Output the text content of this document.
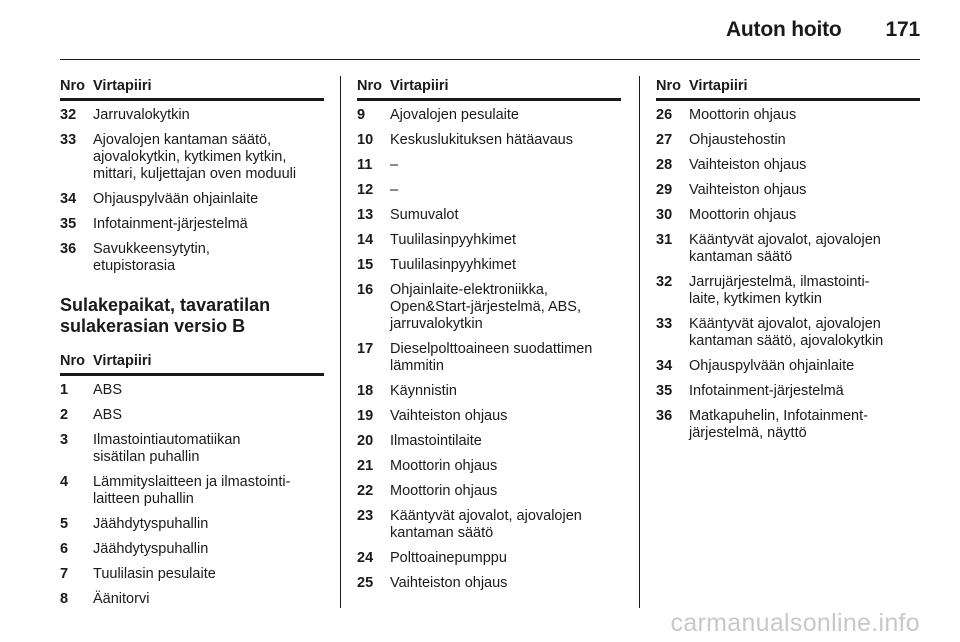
Auton hoito 171
Nro Virtapiiri
32	Jarruvalokytkin
33	Ajovalojen kantaman säätö,
ajovalokytkin, kytkimen kytkin,
mittari, kuljettajan oven moduuli
34	Ohjauspylvään ohjainlaite
35	Infotainment-järjestelmä
36	Savukkeensytytin,
etupistorasia
Sulakepaikat, tavaratilan
sulakerasian versio B
Nro Virtapiiri
1	ABS
2	ABS
3	Ilmastointiautomatiikan
sisätilan puhallin
4	Lämmityslaitteen ja ilmastointi-
laitteen puhallin
5	Jäähdytyspuhallin
6	Jäähdytyspuhallin
7	Tuulilasin pesulaite
8	Äänitorvi
Nro Virtapiiri
9	Ajovalojen pesulaite
10	Keskuslukituksen hätäavaus
11	–
12	–
13	Sumuvalot
14	Tuulilasinpyyhkimet
15	Tuulilasinpyyhkimet
16	Ohjainlaite-elektroniikka,
Open&Start-järjestelmä, ABS,
jarruvalokytkin
17	Dieselpolttoaineen suodattimen
lämmitin
18	Käynnistin
19	Vaihteiston ohjaus
20	Ilmastointilaite
21	Moottorin ohjaus
22	Moottorin ohjaus
23	Kääntyvät ajovalot, ajovalojen
kantaman säätö
24	Polttoainepumppu
25	Vaihteiston ohjaus
Nro Virtapiiri
26	Moottorin ohjaus
27	Ohjaustehostin
28	Vaihteiston ohjaus
29	Vaihteiston ohjaus
30	Moottorin ohjaus
31	Kääntyvät ajovalot, ajovalojen
kantaman säätö
32	Jarrujärjestelmä, ilmastointi-
laite, kytkimen kytkin
33	Kääntyvät ajovalot, ajovalojen
kantaman säätö, ajovalokytkin
34	Ohjauspylvään ohjainlaite
35	Infotainment-järjestelmä
36	Matkapuhelin, Infotainment-
järjestelmä, näyttö
carmanualsonline.info
